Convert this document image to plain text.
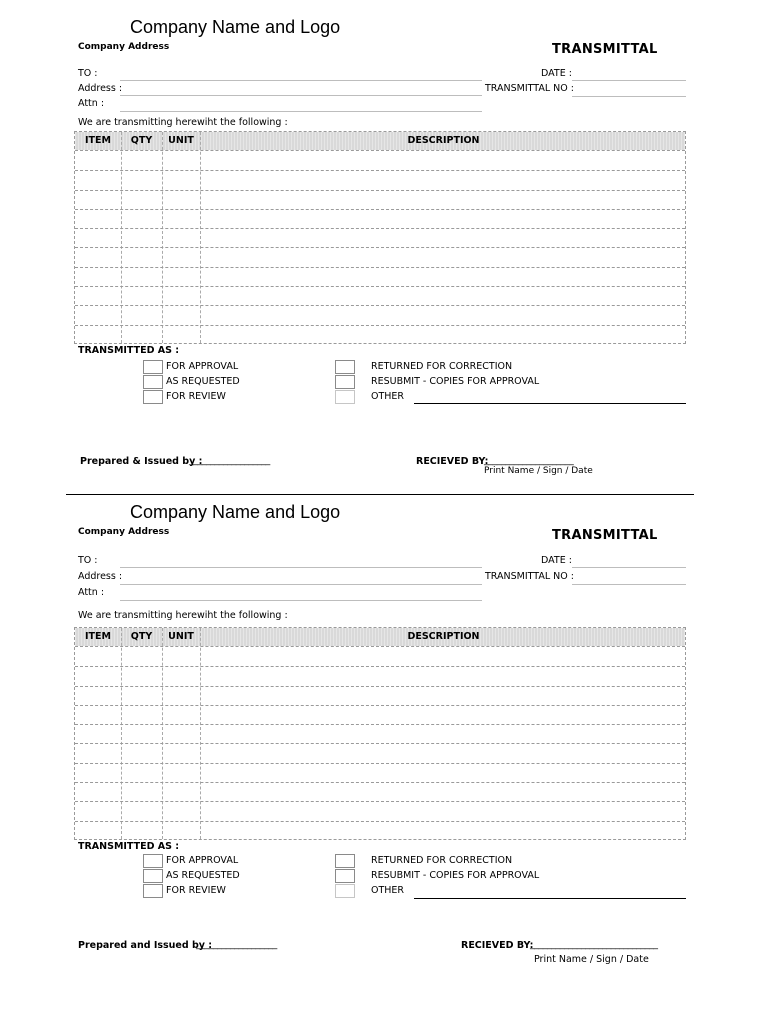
Company Name and Logo
Company Address	TRANSMITTAL
TO :
Address :
Attn :
DATE :
TRANSMITTAL NO :
We are transmitting herewiht the following :
ITEM	QTY	UNIT	DESCRIPTION
TRANSMITTED AS :
FOR APPROVAL
AS REQUESTED
FOR REVIEW
RETURNED FOR CORRECTION
RESUBMIT - COPIES FOR APPROVAL
OTHER
Prepared & Issued by :
___________________	RECIEVED BY:
_____________________
Print Name / Sign / Date
Company Name and Logo
Company Address	TRANSMITTAL
TO :
Address :
Attn :
DATE :
TRANSMITTAL NO :
We are transmitting herewiht the following :
ITEM	QTY	UNIT	DESCRIPTION
TRANSMITTED AS :
FOR APPROVAL
AS REQUESTED
FOR REVIEW
RETURNED FOR CORRECTION
RESUBMIT - COPIES FOR APPROVAL
OTHER
Prepared and Issued by :
___________________	RECIEVED BY:
______________________________
Print Name / Sign / Date
